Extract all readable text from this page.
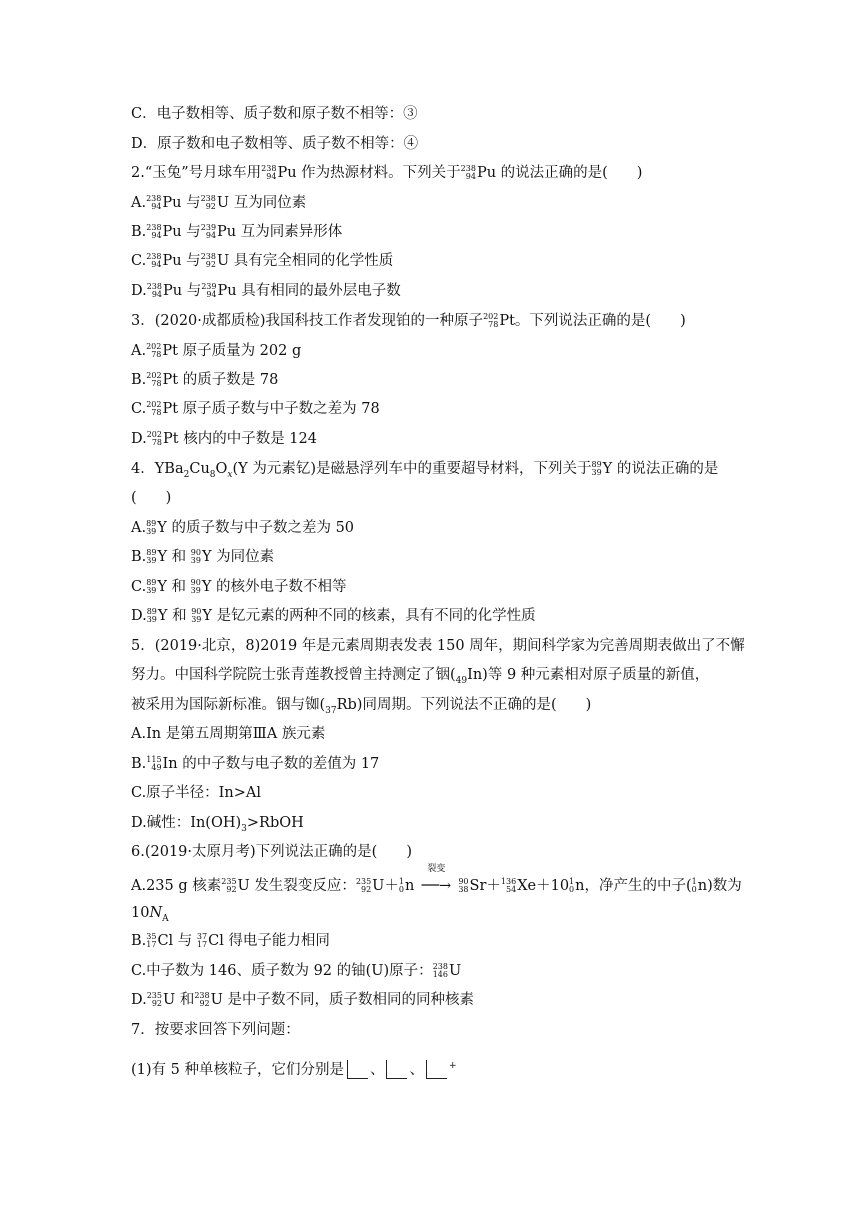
C．电子数相等、质子数和原子数不相等：③
D．原子数和电子数相等、质子数不相等：④
2.“玉兔”号月球车用 238
94 Pu 作为热源材料。下列关于 238
94 Pu 的说法正确的是(　　)
A. 238
94 Pu 与 238
92 U 互为同位素
B. 238
94 Pu 与 239
94 Pu 互为同素异形体
C. 238
94 Pu 与 238
92 U 具有完全相同的化学性质
D. 238
94 Pu 与 239
94 Pu 具有相同的最外层电子数
3．(2020·成都质检)我国科技工作者发现铂的一种原子 202
78 Pt。下列说法正确的是(　　)
A. 202
78 Pt 原子质量为 202 g
B. 202
78 Pt 的质子数是 78
C. 202
78 Pt 原子质子数与中子数之差为 78
D. 202
78 Pt 核内的中子数是 124
4．$YBa_2Cu_8O_x(Y$ 为元素钇)是磁悬浮列车中的重要超导材料，下列关于 89
39 Y 的说法正确的是
(　　)
A. 89
39 Y 的质子数与中子数之差为 50
B. 89
39 Y 和 90
39 Y 为同位素
C. 89
39 Y 和 90
39 Y 的核外电子数不相等
D. 89
39 Y 和 90
39 Y 是钇元素的两种不同的核素，具有不同的化学性质
5．(2019·北京，8)2019 年是元素周期表发表 150 周年，期间科学家为完善周期表做出了不懈
努力。中国科学院院士张青莲教授曾主持测定了铟$(_{49}In)$等 9 种元素相对原子质量的新值，
被采用为国际新标准。铟与铷$(_{37}Rb)$同周期。下列说法不正确的是(　　)
A.In 是第五周期第ⅢA 族元素
B. 115
49 In 的中子数与电子数的差值为 17
C.原子半径：In>Al
D.碱性：$In(OH)_3>RbOH$
6.(2019·太原月考)下列说法正确的是(　　)
A.235 g 核素 235
92 U 发生裂变反应： 235
92 U＋ 1
0 n
裂变
──→ 90
38 Sr＋ 136
54 Xe＋10 1
0 n，净产生的中子( 1
0 n)数为
$10N_A$
B. 35
17 Cl 与 37
17 Cl 得电子能力相同
C.中子数为 146、质子数为 92 的铀(U)原子： 238
146 U
D. 235
92 U 和 238
92 U 是中子数不同，质子数相同的同种核素
7．按要求回答下列问题：
(1)有 5 种单核粒子，它们分别是 、 、	+
